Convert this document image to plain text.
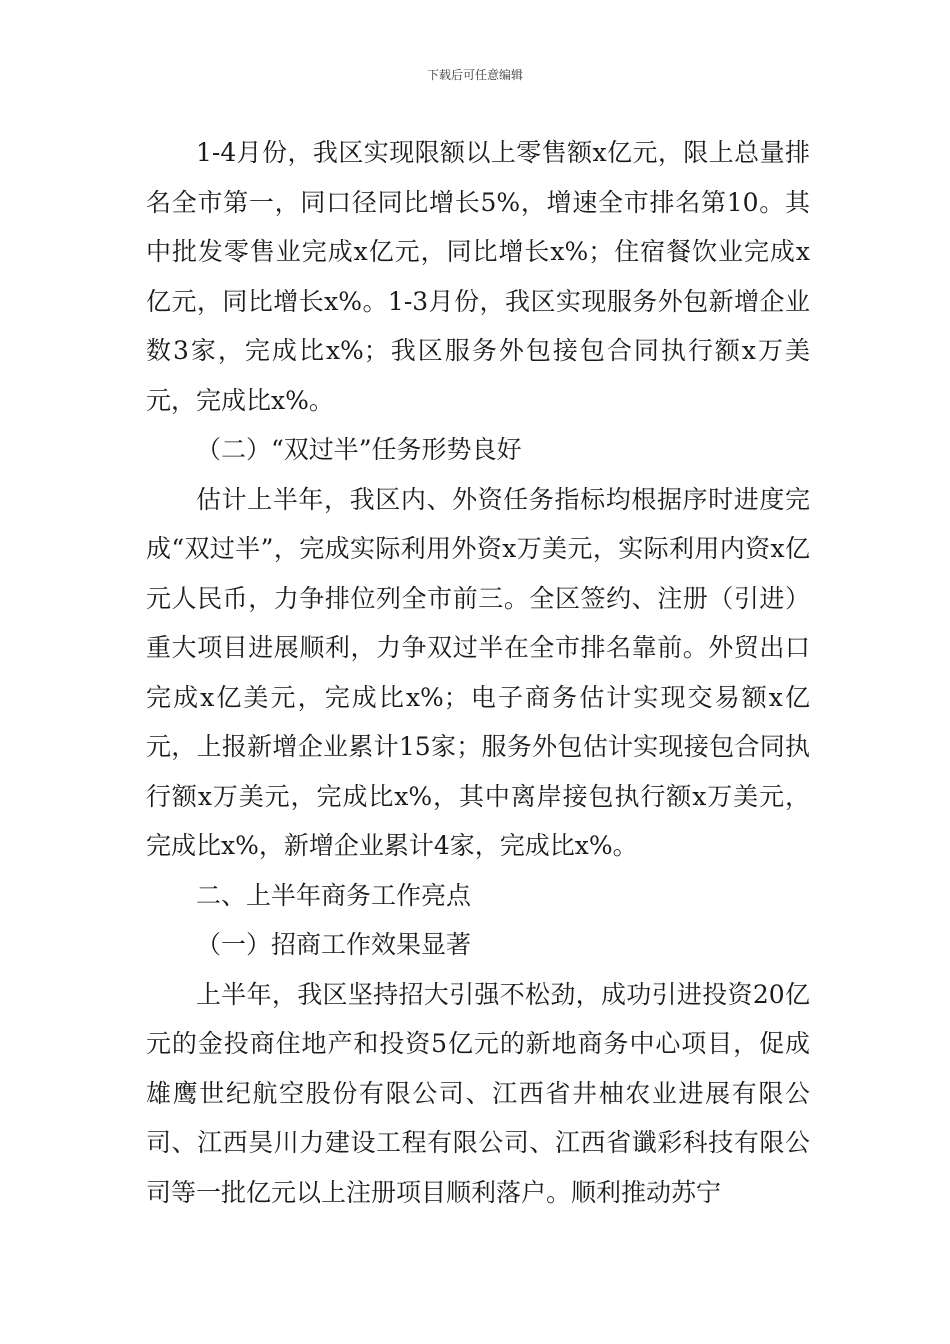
下载后可任意编辑

1-4月份，我区实现限额以上零售额x亿元，限上总量排名全市第一，同口径同比增长5%，增速全市排名第10。其中批发零售业完成x亿元，同比增长x%；住宿餐饮业完成x亿元，同比增长x%。1-3月份，我区实现服务外包新增企业数3家，完成比x%；我区服务外包接包合同执行额x万美元，完成比x%。

（二）“双过半”任务形势良好

估计上半年，我区内、外资任务指标均根据序时进度完成“双过半”，完成实际利用外资x万美元，实际利用内资x亿元人民币，力争排位列全市前三。全区签约、注册（引进）重大项目进展顺利，力争双过半在全市排名靠前。外贸出口完成x亿美元，完成比x%；电子商务估计实现交易额x亿元，上报新增企业累计15家；服务外包估计实现接包合同执行额x万美元，完成比x%，其中离岸接包执行额x万美元，完成比x%，新增企业累计4家，完成比x%。

二、上半年商务工作亮点

（一）招商工作效果显著

上半年，我区坚持招大引强不松劲，成功引进投资20亿元的金投商住地产和投资5亿元的新地商务中心项目，促成雄鹰世纪航空股份有限公司、江西省井柚农业进展有限公司、江西昊川力建设工程有限公司、江西省谶彩科技有限公司等一批亿元以上注册项目顺利落户。顺利推动苏宁
